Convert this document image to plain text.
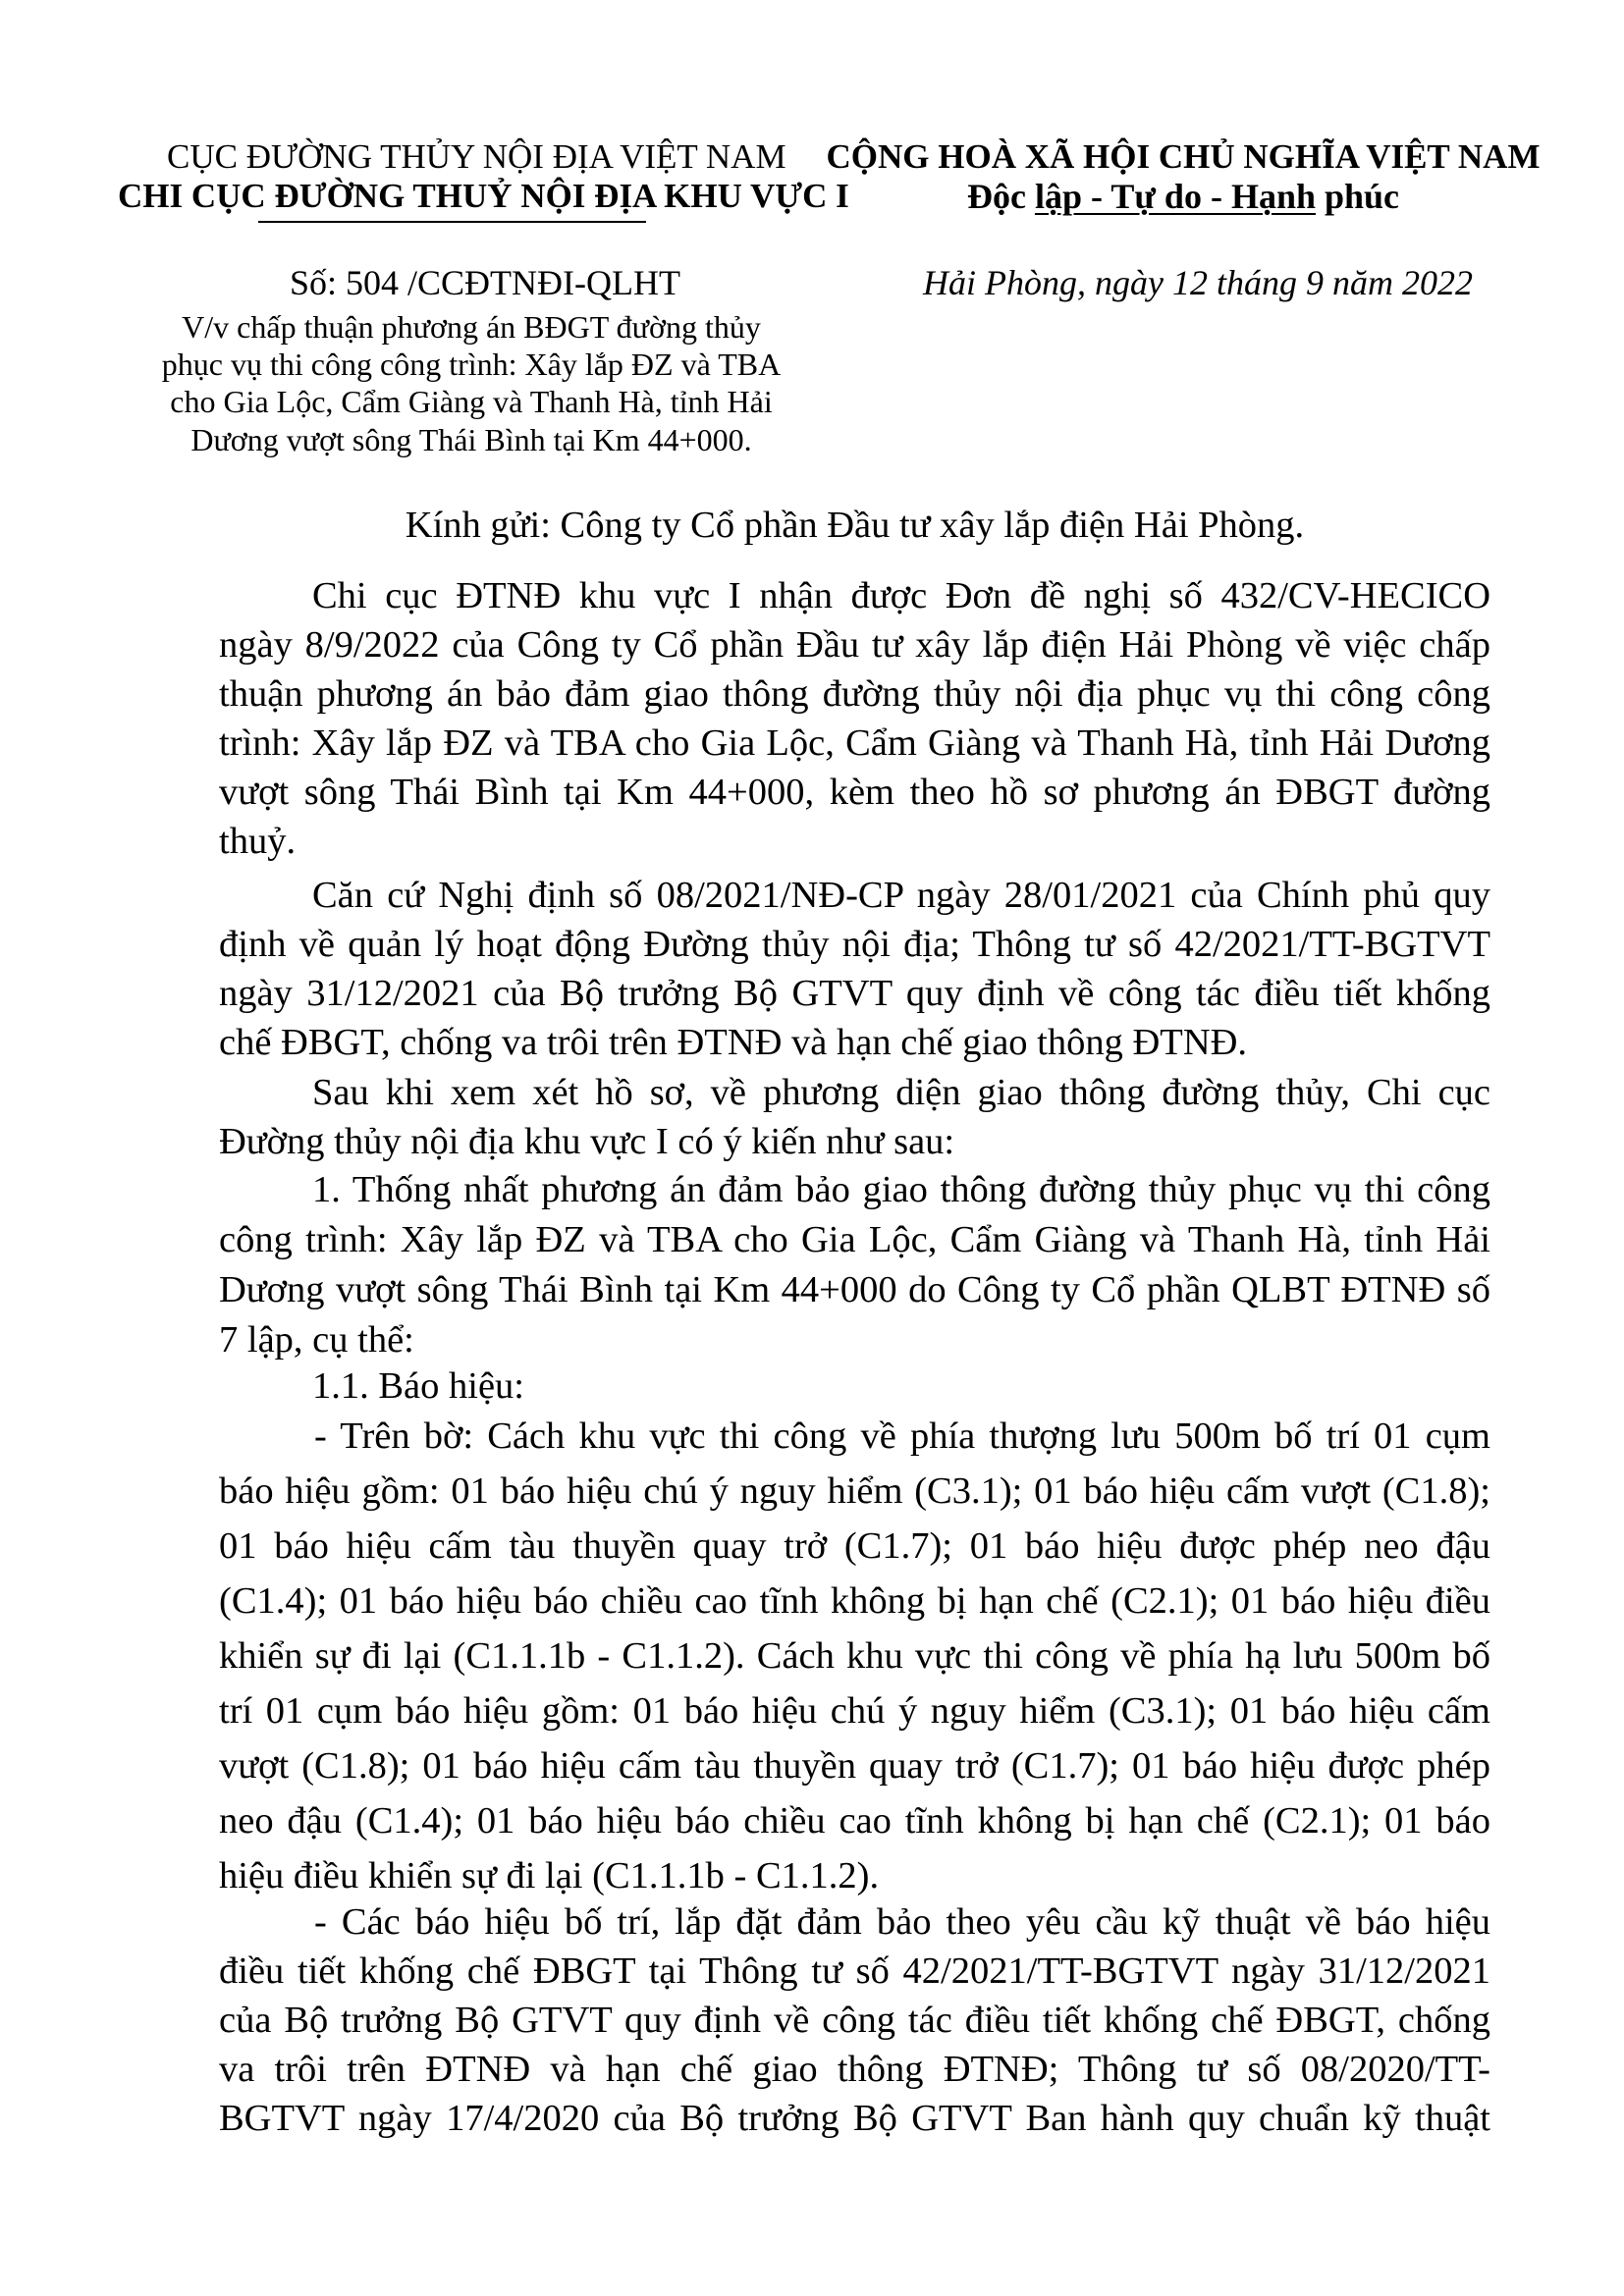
CỤC ĐƯỜNG THỦY NỘI ĐỊA VIỆT NAM
CHI CỤC ĐƯỜNG THUỶ NỘI ĐỊA KHU VỰC I
CỘNG HOÀ XÃ HỘI CHỦ NGHĨA VIỆT NAM
Độc lập - Tự do - Hạnh phúc
Số: 504 /CCĐTNĐI-QLHT	Hải Phòng, ngày 12 tháng 9 năm 2022
V/v chấp thuận phương án BĐGT đường thủy
phục vụ thi công công trình: Xây lắp ĐZ và TBA
cho Gia Lộc, Cẩm Giàng và Thanh Hà, tỉnh Hải
Dương vượt sông Thái Bình tại Km 44+000.
Kính gửi: Công ty Cổ phần Đầu tư xây lắp điện Hải Phòng.
Chi cục ĐTNĐ khu vực I nhận được Đơn đề nghị số 432/CV-HECICO
ngày 8/9/2022 của Công ty Cổ phần Đầu tư xây lắp điện Hải Phòng về việc chấp
thuận phương án bảo đảm giao thông đường thủy nội địa phục vụ thi công công
trình: Xây lắp ĐZ và TBA cho Gia Lộc, Cẩm Giàng và Thanh Hà, tỉnh Hải Dương
vượt sông Thái Bình tại Km 44+000, kèm theo hồ sơ phương án ĐBGT đường
thuỷ.
Căn cứ Nghị định số 08/2021/NĐ-CP ngày 28/01/2021 của Chính phủ quy
định về quản lý hoạt động Đường thủy nội địa; Thông tư số 42/2021/TT-BGTVT
ngày 31/12/2021 của Bộ trưởng Bộ GTVT quy định về công tác điều tiết khống
chế ĐBGT, chống va trôi trên ĐTNĐ và hạn chế giao thông ĐTNĐ.
Sau khi xem xét hồ sơ, về phương diện giao thông đường thủy, Chi cục
Đường thủy nội địa khu vực I có ý kiến như sau:
1. Thống nhất phương án đảm bảo giao thông đường thủy phục vụ thi công
công trình: Xây lắp ĐZ và TBA cho Gia Lộc, Cẩm Giàng và Thanh Hà, tỉnh Hải
Dương vượt sông Thái Bình tại Km 44+000 do Công ty Cổ phần QLBT ĐTNĐ số
7 lập, cụ thể:
1.1. Báo hiệu:
- Trên bờ: Cách khu vực thi công về phía thượng lưu 500m bố trí 01 cụm
báo hiệu gồm: 01 báo hiệu chú ý nguy hiểm (C3.1); 01 báo hiệu cấm vượt (C1.8);
01 báo hiệu cấm tàu thuyền quay trở (C1.7); 01 báo hiệu được phép neo đậu
(C1.4); 01 báo hiệu báo chiều cao tĩnh không bị hạn chế (C2.1); 01 báo hiệu điều
khiển sự đi lại (C1.1.1b - C1.1.2). Cách khu vực thi công về phía hạ lưu 500m bố
trí 01 cụm báo hiệu gồm: 01 báo hiệu chú ý nguy hiểm (C3.1); 01 báo hiệu cấm
vượt (C1.8); 01 báo hiệu cấm tàu thuyền quay trở (C1.7); 01 báo hiệu được phép
neo đậu (C1.4); 01 báo hiệu báo chiều cao tĩnh không bị hạn chế (C2.1); 01 báo
hiệu điều khiển sự đi lại (C1.1.1b - C1.1.2).
- Các báo hiệu bố trí, lắp đặt đảm bảo theo yêu cầu kỹ thuật về báo hiệu
điều tiết khống chế ĐBGT tại Thông tư số 42/2021/TT-BGTVT ngày 31/12/2021
của Bộ trưởng Bộ GTVT quy định về công tác điều tiết khống chế ĐBGT, chống
va trôi trên ĐTNĐ và hạn chế giao thông ĐTNĐ; Thông tư số 08/2020/TT-
BGTVT ngày 17/4/2020 của Bộ trưởng Bộ GTVT Ban hành quy chuẩn kỹ thuật
